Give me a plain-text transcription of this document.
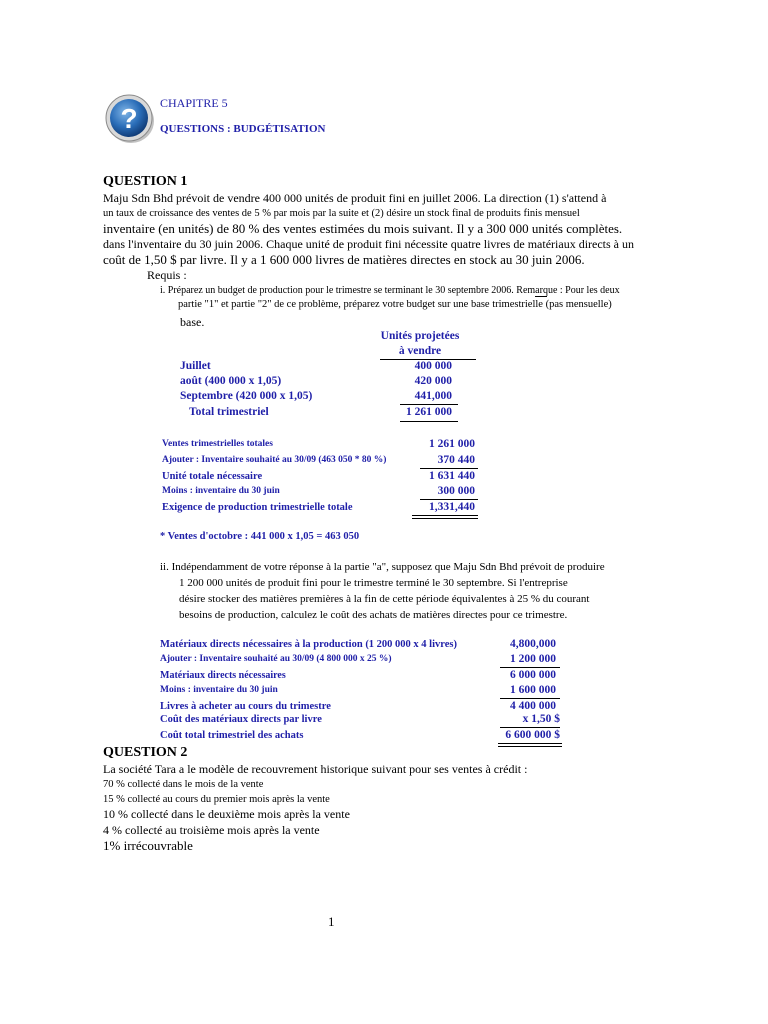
? CHAPITRE 5
QUESTIONS : BUDGÉTISATION
QUESTION 1
Maju Sdn Bhd prévoit de vendre 400 000 unités de produit fini en juillet 2006. La direction (1) s'attend à
un taux de croissance des ventes de 5 % par mois par la suite et (2) désire un stock final de produits finis mensuel
inventaire (en unités) de 80 % des ventes estimées du mois suivant. Il y a 300 000 unités complètes.
dans l'inventaire du 30 juin 2006. Chaque unité de produit fini nécessite quatre livres de matériaux directs à un
coût de 1,50 $ par livre. Il y a 1 600 000 livres de matières directes en stock au 30 juin 2006.
Requis :
i. Préparez un budget de production pour le trimestre se terminant le 30 septembre 2006. Remarque : Pour les deux
partie "1" et partie "2" de ce problème, préparez votre budget sur une base trimestrielle (pas mensuelle)
base.
Unités projetées
à vendre
Juillet	400 000
août (400 000 x 1,05)	420 000
Septembre (420 000 x 1,05)	441,000
Total trimestriel	1 261 000
Ventes trimestrielles totales	1 261 000
Ajouter : Inventaire souhaité au 30/09 (463 050 * 80 %)	370 440
Unité totale nécessaire	1 631 440
Moins : inventaire du 30 juin	300 000
Exigence de production trimestrielle totale	1,331,440
* Ventes d'octobre : 441 000 x 1,05 = 463 050
ii. Indépendamment de votre réponse à la partie "a", supposez que Maju Sdn Bhd prévoit de produire
1 200 000 unités de produit fini pour le trimestre terminé le 30 septembre. Si l'entreprise
désire stocker des matières premières à la fin de cette période équivalentes à 25 % du courant
besoins de production, calculez le coût des achats de matières directes pour ce trimestre.
Matériaux directs nécessaires à la production (1 200 000 x 4 livres)	4,800,000
Ajouter : Inventaire souhaité au 30/09 (4 800 000 x 25 %)	1 200 000
Matériaux directs nécessaires	6 000 000
Moins : inventaire du 30 juin	1 600 000
Livres à acheter au cours du trimestre	4 400 000
Coût des matériaux directs par livre	x 1,50 $
Coût total trimestriel des achats	6 600 000 $
QUESTION 2
La société Tara a le modèle de recouvrement historique suivant pour ses ventes à crédit :
70 % collecté dans le mois de la vente
15 % collecté au cours du premier mois après la vente
10 % collecté dans le deuxième mois après la vente
4 % collecté au troisième mois après la vente
1% irrécouvrable
1
